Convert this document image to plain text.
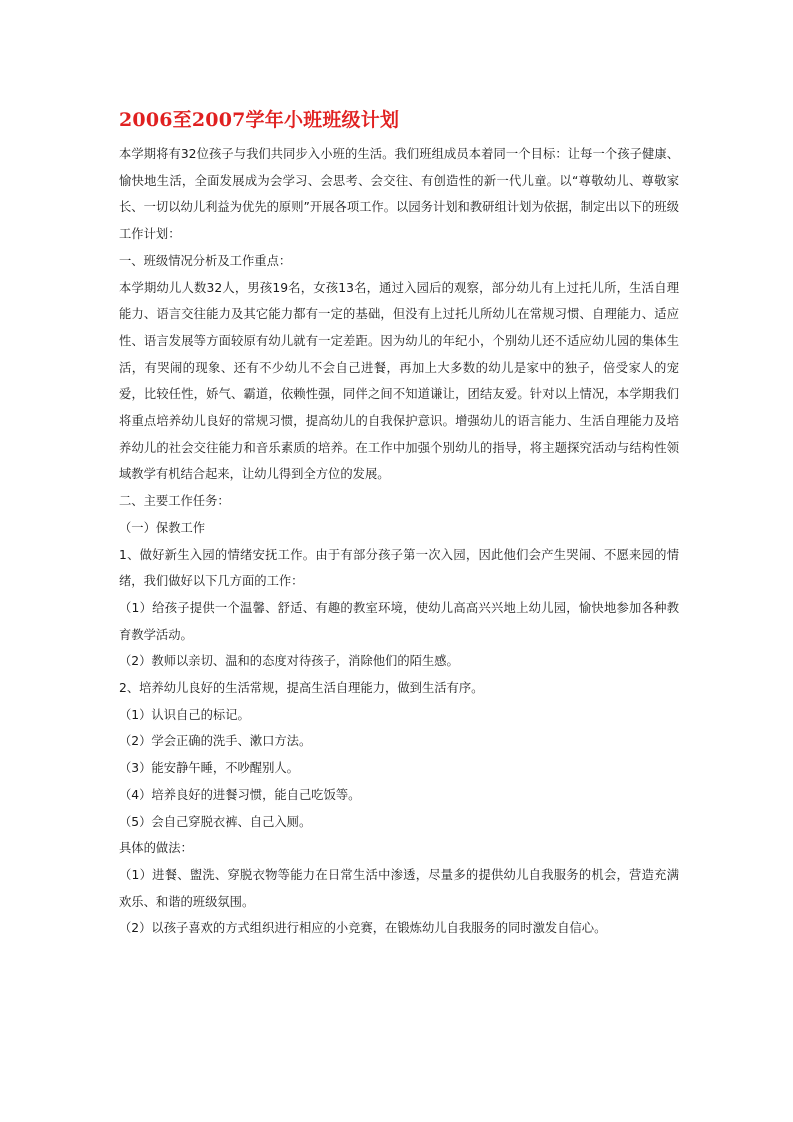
2006至2007学年小班班级计划

本学期将有32位孩子与我们共同步入小班的生活。我们班组成员本着同一个目标：让每一个孩子健康、愉快地生活，全面发展成为会学习、会思考、会交往、有创造性的新一代儿童。以“尊敬幼儿、尊敬家长、一切以幼儿利益为优先的原则”开展各项工作。以园务计划和教研组计划为依据，制定出以下的班级工作计划：

一、班级情况分析及工作重点：

本学期幼儿人数32人，男孩19名，女孩13名，通过入园后的观察，部分幼儿有上过托儿所，生活自理能力、语言交往能力及其它能力都有一定的基础，但没有上过托儿所幼儿在常规习惯、自理能力、适应性、语言发展等方面较原有幼儿就有一定差距。因为幼儿的年纪小，个别幼儿还不适应幼儿园的集体生活，有哭闹的现象、还有不少幼儿不会自己进餐，再加上大多数的幼儿是家中的独子，倍受家人的宠爱，比较任性，娇气、霸道，依赖性强，同伴之间不知道谦让，团结友爱。针对以上情况，本学期我们将重点培养幼儿良好的常规习惯，提高幼儿的自我保护意识。增强幼儿的语言能力、生活自理能力及培养幼儿的社会交往能力和音乐素质的培养。在工作中加强个别幼儿的指导，将主题探究活动与结构性领域教学有机结合起来，让幼儿得到全方位的发展。

二、主要工作任务：

（一）保教工作

1、做好新生入园的情绪安抚工作。由于有部分孩子第一次入园，因此他们会产生哭闹、不愿来园的情绪，我们做好以下几方面的工作：

（1）给孩子提供一个温馨、舒适、有趣的教室环境，使幼儿高高兴兴地上幼儿园，愉快地参加各种教育教学活动。

（2）教师以亲切、温和的态度对待孩子，消除他们的陌生感。

2、培养幼儿良好的生活常规，提高生活自理能力，做到生活有序。

（1）认识自己的标记。

（2）学会正确的洗手、漱口方法。

（3）能安静午睡，不吵醒别人。

（4）培养良好的进餐习惯，能自己吃饭等。

（5）会自己穿脱衣裤、自己入厕。

具体的做法：

（1）进餐、盥洗、穿脱衣物等能力在日常生活中渗透，尽量多的提供幼儿自我服务的机会，营造充满欢乐、和谐的班级氛围。

（2）以孩子喜欢的方式组织进行相应的小竞赛，在锻炼幼儿自我服务的同时激发自信心。
